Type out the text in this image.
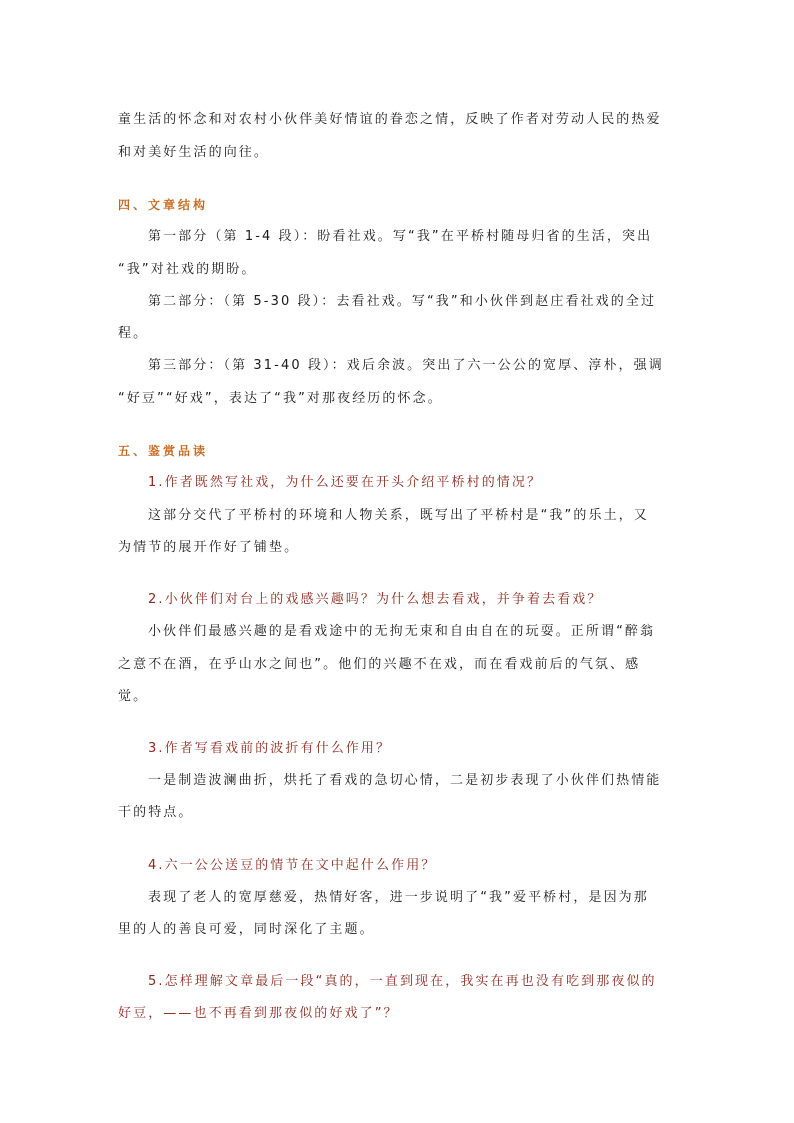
童生活的怀念和对农村小伙伴美好情谊的眷恋之情，反映了作者对劳动人民的热爱
和对美好生活的向往。
四、文章结构
第一部分（第 1-4 段）：盼看社戏。写“我”在平桥村随母归省的生活，突出
“我”对社戏的期盼。
第二部分：（第 5-30 段）：去看社戏。写“我”和小伙伴到赵庄看社戏的全过
程。
第三部分：（第 31-40 段）：戏后余波。突出了六一公公的宽厚、淳朴，强调
“好豆”“好戏”，表达了“我”对那夜经历的怀念。
五、鉴赏品读
1.作者既然写社戏，为什么还要在开头介绍平桥村的情况？
这部分交代了平桥村的环境和人物关系，既写出了平桥村是“我”的乐土，又
为情节的展开作好了铺垫。
2.小伙伴们对台上的戏感兴趣吗？为什么想去看戏，并争着去看戏？
小伙伴们最感兴趣的是看戏途中的无拘无束和自由自在的玩耍。正所谓“醉翁
之意不在酒，在乎山水之间也”。他们的兴趣不在戏，而在看戏前后的气氛、感
觉。
3.作者写看戏前的波折有什么作用？
一是制造波澜曲折，烘托了看戏的急切心情，二是初步表现了小伙伴们热情能
干的特点。
4.六一公公送豆的情节在文中起什么作用？
表现了老人的宽厚慈爱，热情好客，进一步说明了“我”爱平桥村，是因为那
里的人的善良可爱，同时深化了主题。
5.怎样理解文章最后一段“真的，一直到现在，我实在再也没有吃到那夜似的
好豆，——也不再看到那夜似的好戏了”？
